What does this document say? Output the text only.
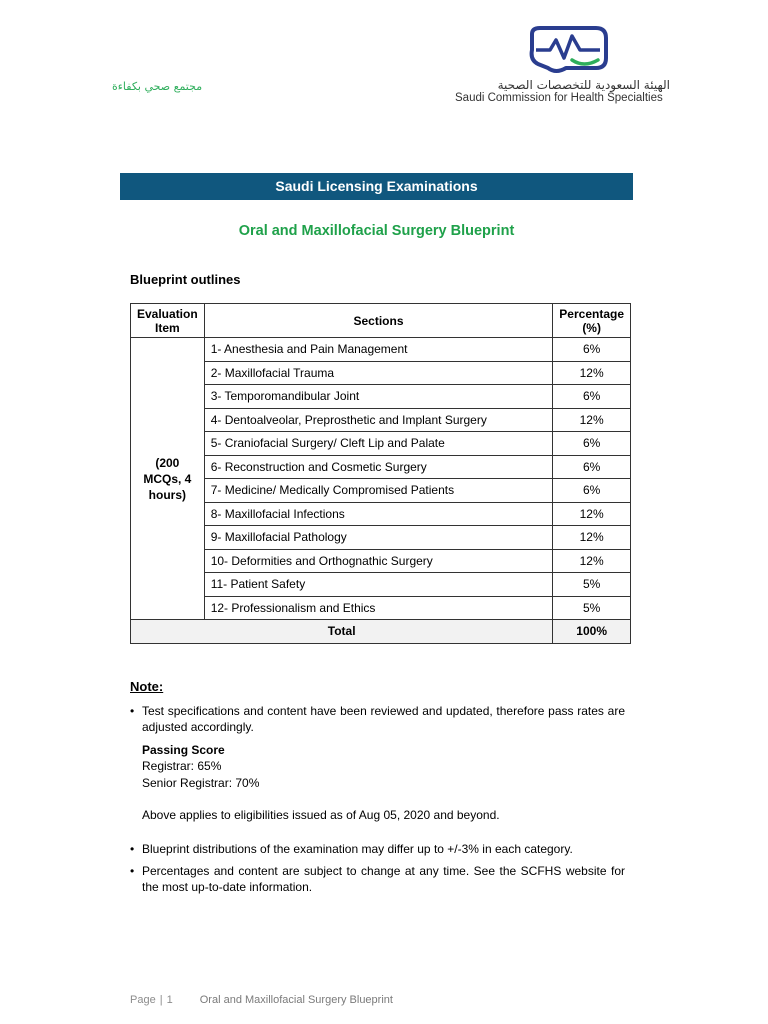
مجتمع صحي بكفاءة	الهيئة السعودية للتخصصات الصحية
Saudi Commission for Health Specialties
Saudi Licensing Examinations
Oral and Maxillofacial Surgery Blueprint
Blueprint outlines
Evaluation Item	Sections	Percentage (%)
(200 MCQs, 4 hours)	1- Anesthesia and Pain Management	6%
	2- Maxillofacial Trauma	12%
	3- Temporomandibular Joint	6%
	4- Dentoalveolar, Preprosthetic and Implant Surgery	12%
	5- Craniofacial Surgery/ Cleft Lip and Palate	6%
	6- Reconstruction and Cosmetic Surgery	6%
	7- Medicine/ Medically Compromised Patients	6%
	8- Maxillofacial Infections	12%
	9- Maxillofacial Pathology	12%
	10- Deformities and Orthognathic Surgery	12%
	11- Patient Safety	5%
	12- Professionalism and Ethics	5%
Total		100%
Note:
• Test specifications and content have been reviewed and updated, therefore pass rates are adjusted accordingly.
Passing Score
Registrar: 65%
Senior Registrar: 70%
Above applies to eligibilities issued as of Aug 05, 2020 and beyond.
• Blueprint distributions of the examination may differ up to +/-3% in each category.
• Percentages and content are subject to change at any time. See the SCFHS website for the most up-to-date information.
Page | 1 Oral and Maxillofacial Surgery Blueprint
